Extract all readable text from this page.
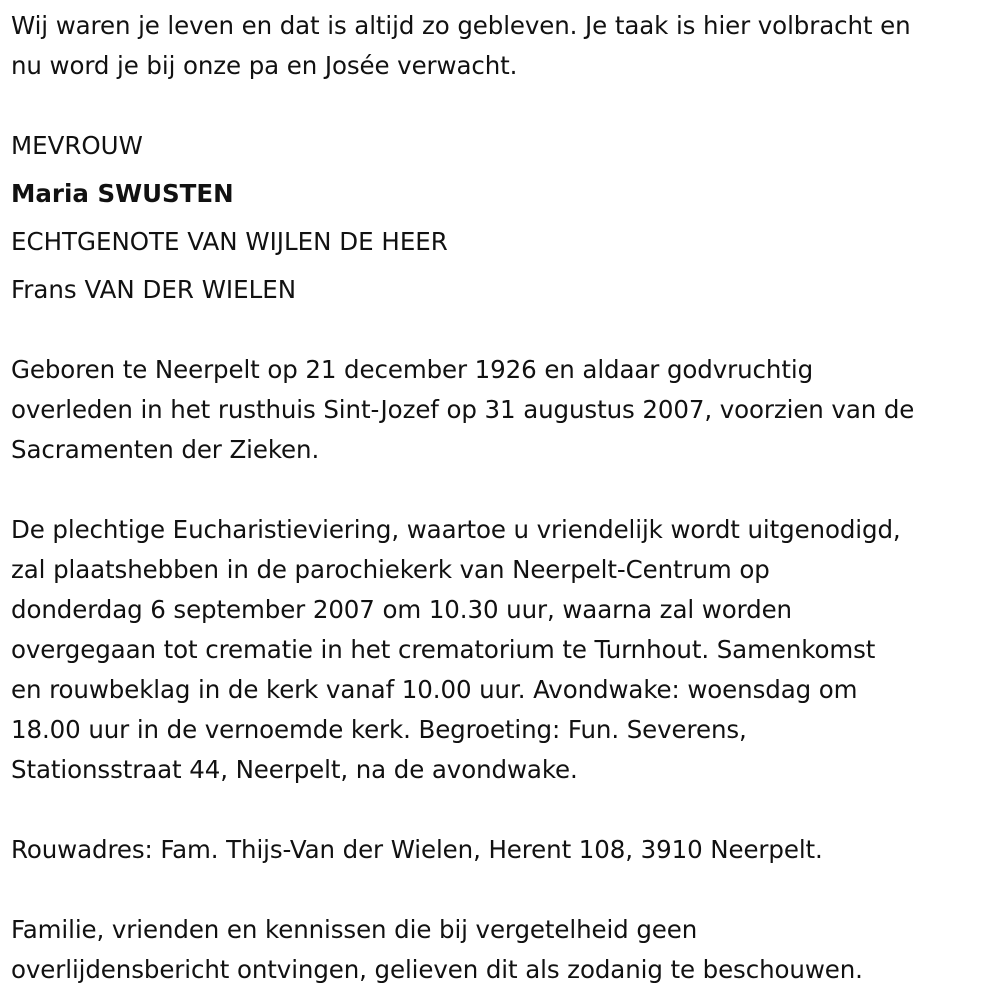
Wij waren je leven en dat is altijd zo gebleven. Je taak is hier volbracht en
nu word je bij onze pa en Josée verwacht.
MEVROUW
Maria SWUSTEN
ECHTGENOTE VAN WIJLEN DE HEER
Frans VAN DER WIELEN
Geboren te Neerpelt op 21 december 1926 en aldaar godvruchtig
overleden in het rusthuis Sint-Jozef op 31 augustus 2007, voorzien van de
Sacramenten der Zieken.
De plechtige Eucharistieviering, waartoe u vriendelijk wordt uitgenodigd,
zal plaatshebben in de parochiekerk van Neerpelt-Centrum op
donderdag 6 september 2007 om 10.30 uur, waarna zal worden
overgegaan tot crematie in het crematorium te Turnhout. Samenkomst
en rouwbeklag in de kerk vanaf 10.00 uur. Avondwake: woensdag om
18.00 uur in de vernoemde kerk. Begroeting: Fun. Severens,
Stationsstraat 44, Neerpelt, na de avondwake.
Rouwadres: Fam. Thijs-Van der Wielen, Herent 108, 3910 Neerpelt.
Familie, vrienden en kennissen die bij vergetelheid geen
overlijdensbericht ontvingen, gelieven dit als zodanig te beschouwen.
